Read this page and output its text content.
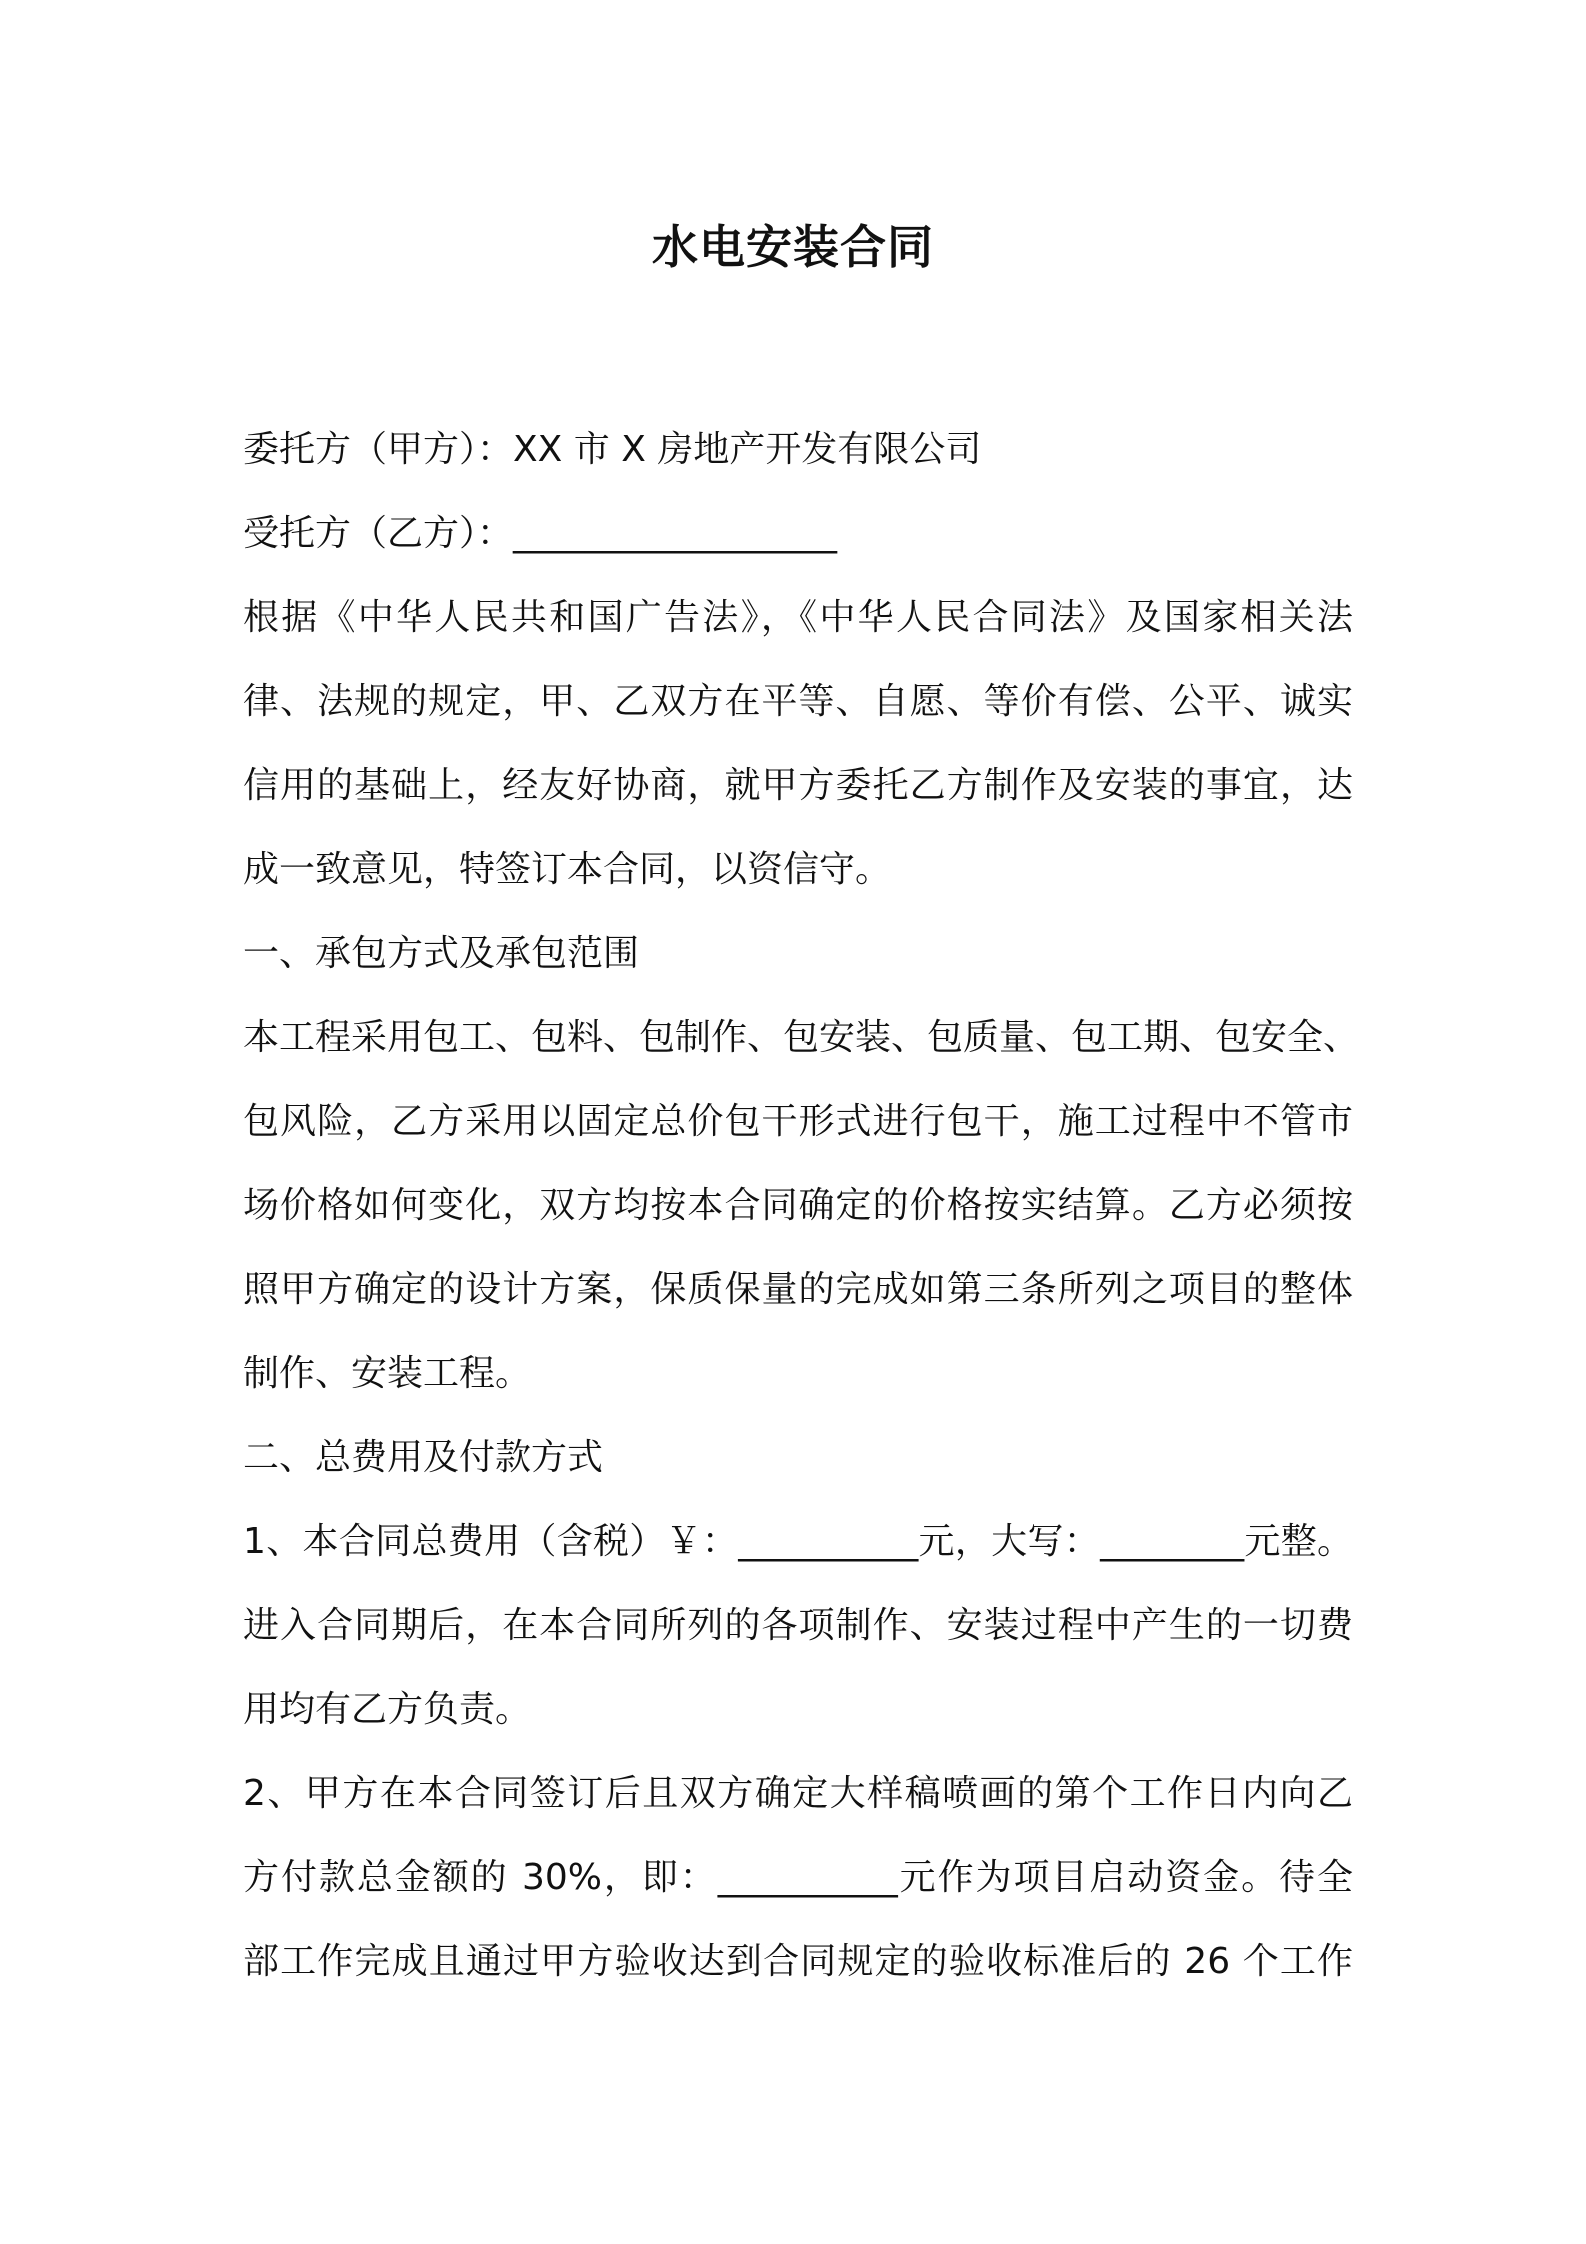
水电安装合同
委托方（甲方）：XX 市 X 房地产开发有限公司
受托方（乙方）：__________________
根据《中华人民共和国广告法》，《中华人民合同法》及国家相关法
律、法规的规定，甲、乙双方在平等、自愿、等价有偿、公平、诚实
信用的基础上，经友好协商，就甲方委托乙方制作及安装的事宜，达
成一致意见，特签订本合同，以资信守。
一、承包方式及承包范围
本工程采用包工、包料、包制作、包安装、包质量、包工期、包安全、
包风险，乙方采用以固定总价包干形式进行包干，施工过程中不管市
场价格如何变化，双方均按本合同确定的价格按实结算。乙方必须按
照甲方确定的设计方案，保质保量的完成如第三条所列之项目的整体
制作、安装工程。
二、总费用及付款方式
1、本合同总费用（含税）￥：__________元，大写：________元整。
进入合同期后，在本合同所列的各项制作、安装过程中产生的一切费
用均有乙方负责。
2、甲方在本合同签订后且双方确定大样稿喷画的第个工作日内向乙
方付款总金额的 30%，即：__________元作为项目启动资金。待全
部工作完成且通过甲方验收达到合同规定的验收标准后的 26 个工作
